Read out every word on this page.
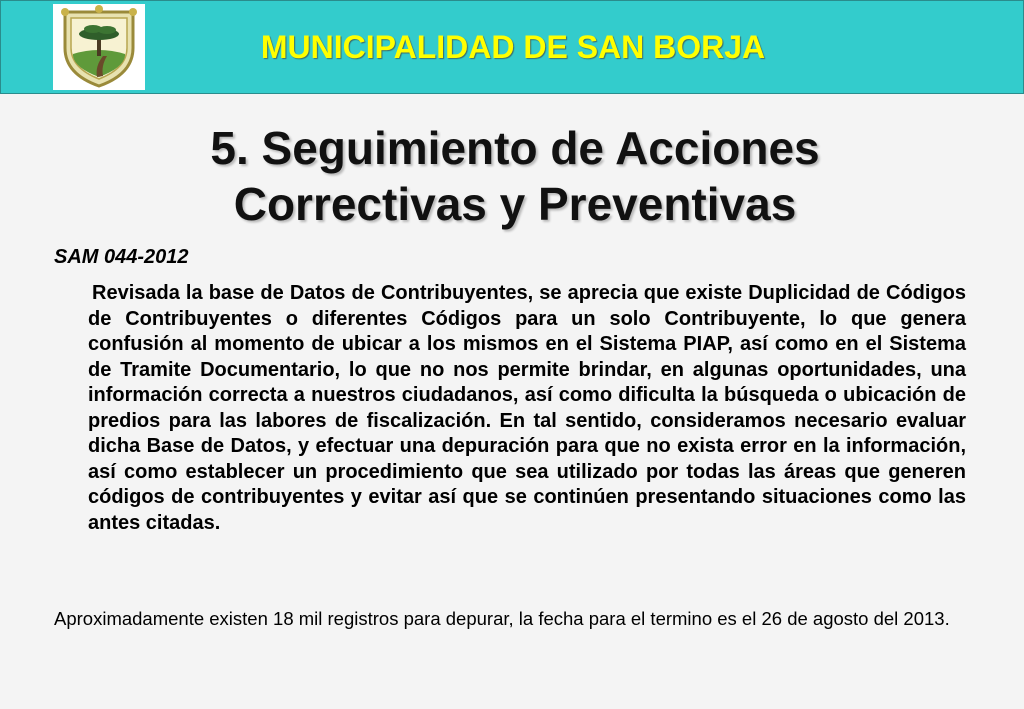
MUNICIPALIDAD DE SAN BORJA
5. Seguimiento de Acciones
Correctivas y Preventivas
SAM 044-2012
Revisada la base de Datos de Contribuyentes, se aprecia que existe Duplicidad de Códigos de Contribuyentes o diferentes Códigos para un solo Contribuyente, lo que genera confusión al momento de ubicar a los mismos en el Sistema PIAP, así como en el Sistema de Tramite Documentario, lo que no nos permite brindar, en algunas oportunidades, una información correcta a nuestros ciudadanos, así como dificulta la búsqueda o ubicación de predios para las labores de fiscalización. En tal sentido, consideramos necesario evaluar dicha Base de Datos, y efectuar una depuración para que no exista error en la información, así como establecer un procedimiento que sea utilizado por todas las áreas que generen códigos de contribuyentes y evitar así que se continúen presentando situaciones como las antes citadas.
Aproximadamente existen 18 mil registros para depurar, la fecha para el termino es el 26 de agosto del 2013.
